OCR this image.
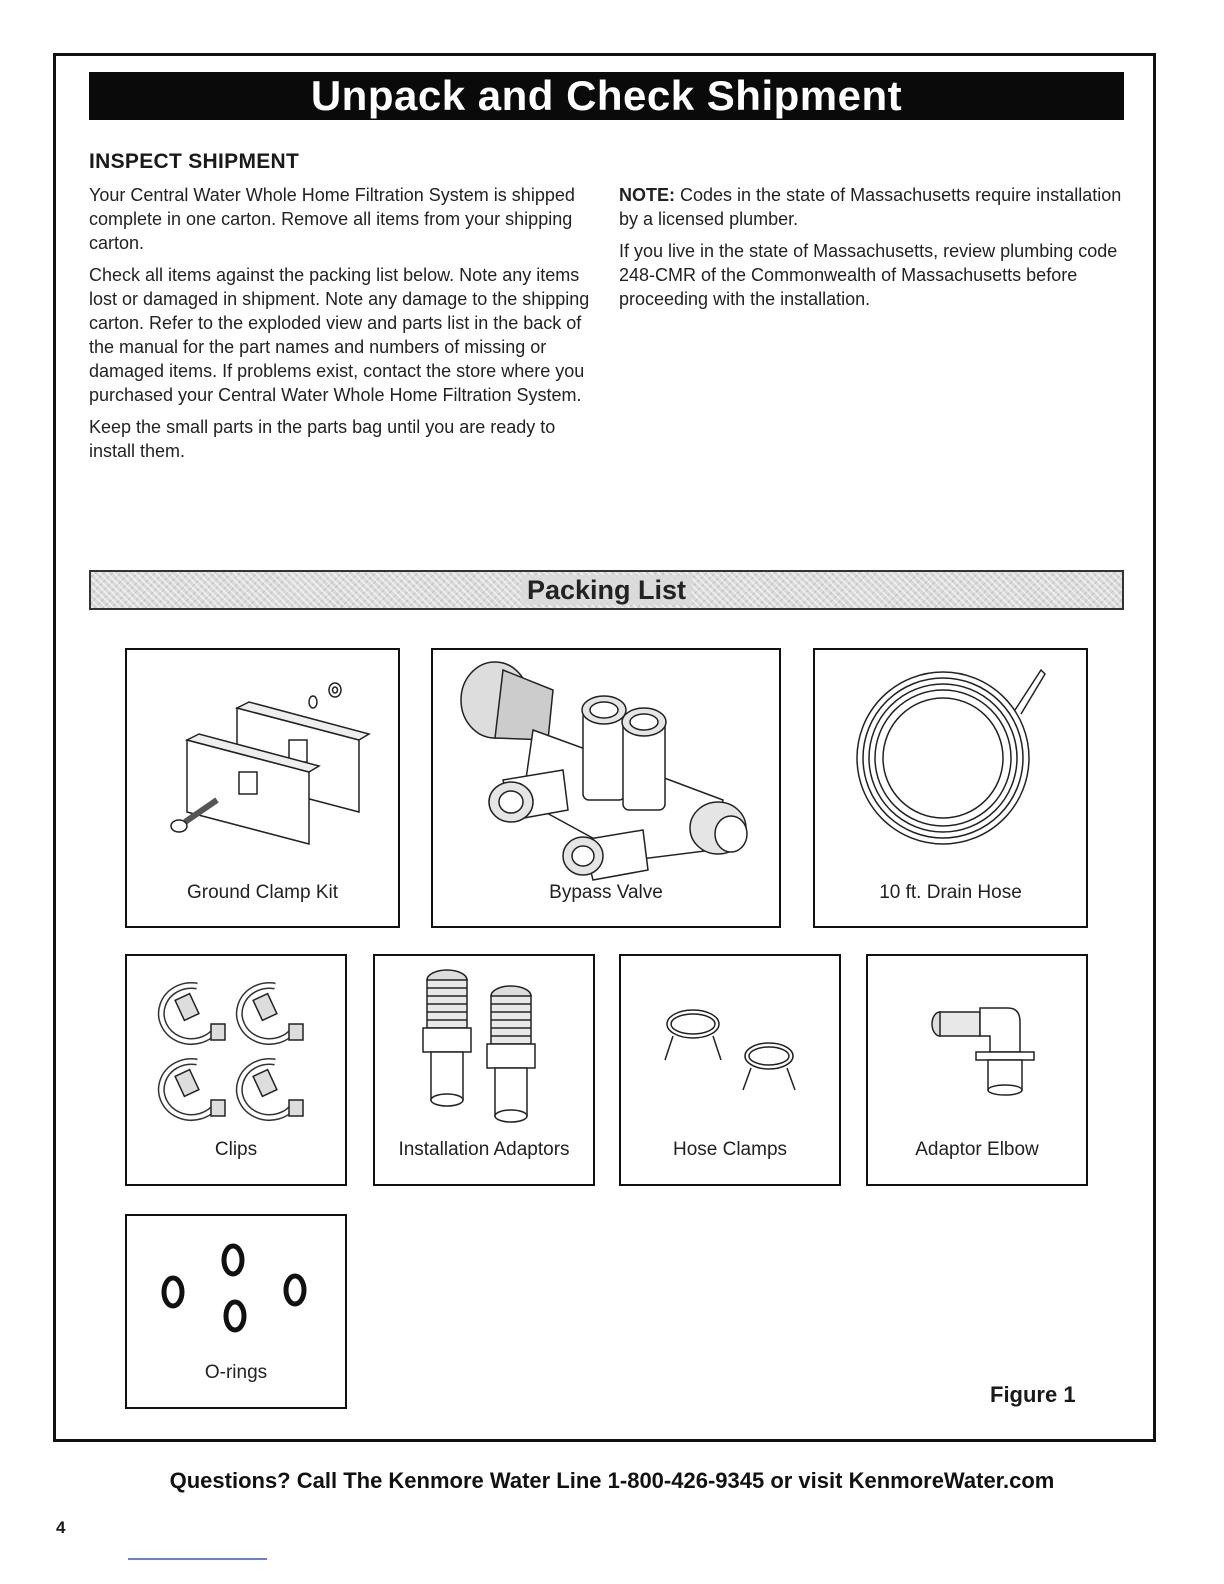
Unpack and Check Shipment
INSPECT SHIPMENT

Your Central Water Whole Home Filtration System is shipped complete in one carton. Remove all items from your shipping carton.

Check all items against the packing list below. Note any items lost or damaged in shipment. Note any damage to the shipping carton. Refer to the exploded view and parts list in the back of the manual for the part names and numbers of missing or damaged items. If problems exist, contact the store where you purchased your Central Water Whole Home Filtration System.

Keep the small parts in the parts bag until you are ready to install them.

NOTE: Codes in the state of Massachusetts require installation by a licensed plumber.

If you live in the state of Massachusetts, review plumbing code 248-CMR of the Commonwealth of Massachusetts before proceeding with the installation.

Packing List
Ground Clamp Kit	Bypass Valve	10 ft. Drain Hose
Clips	Installation Adaptors	Hose Clamps	Adaptor Elbow
O-rings
Figure 1
Questions? Call The Kenmore Water Line 1-800-426-9345 or visit KenmoreWater.com
4
